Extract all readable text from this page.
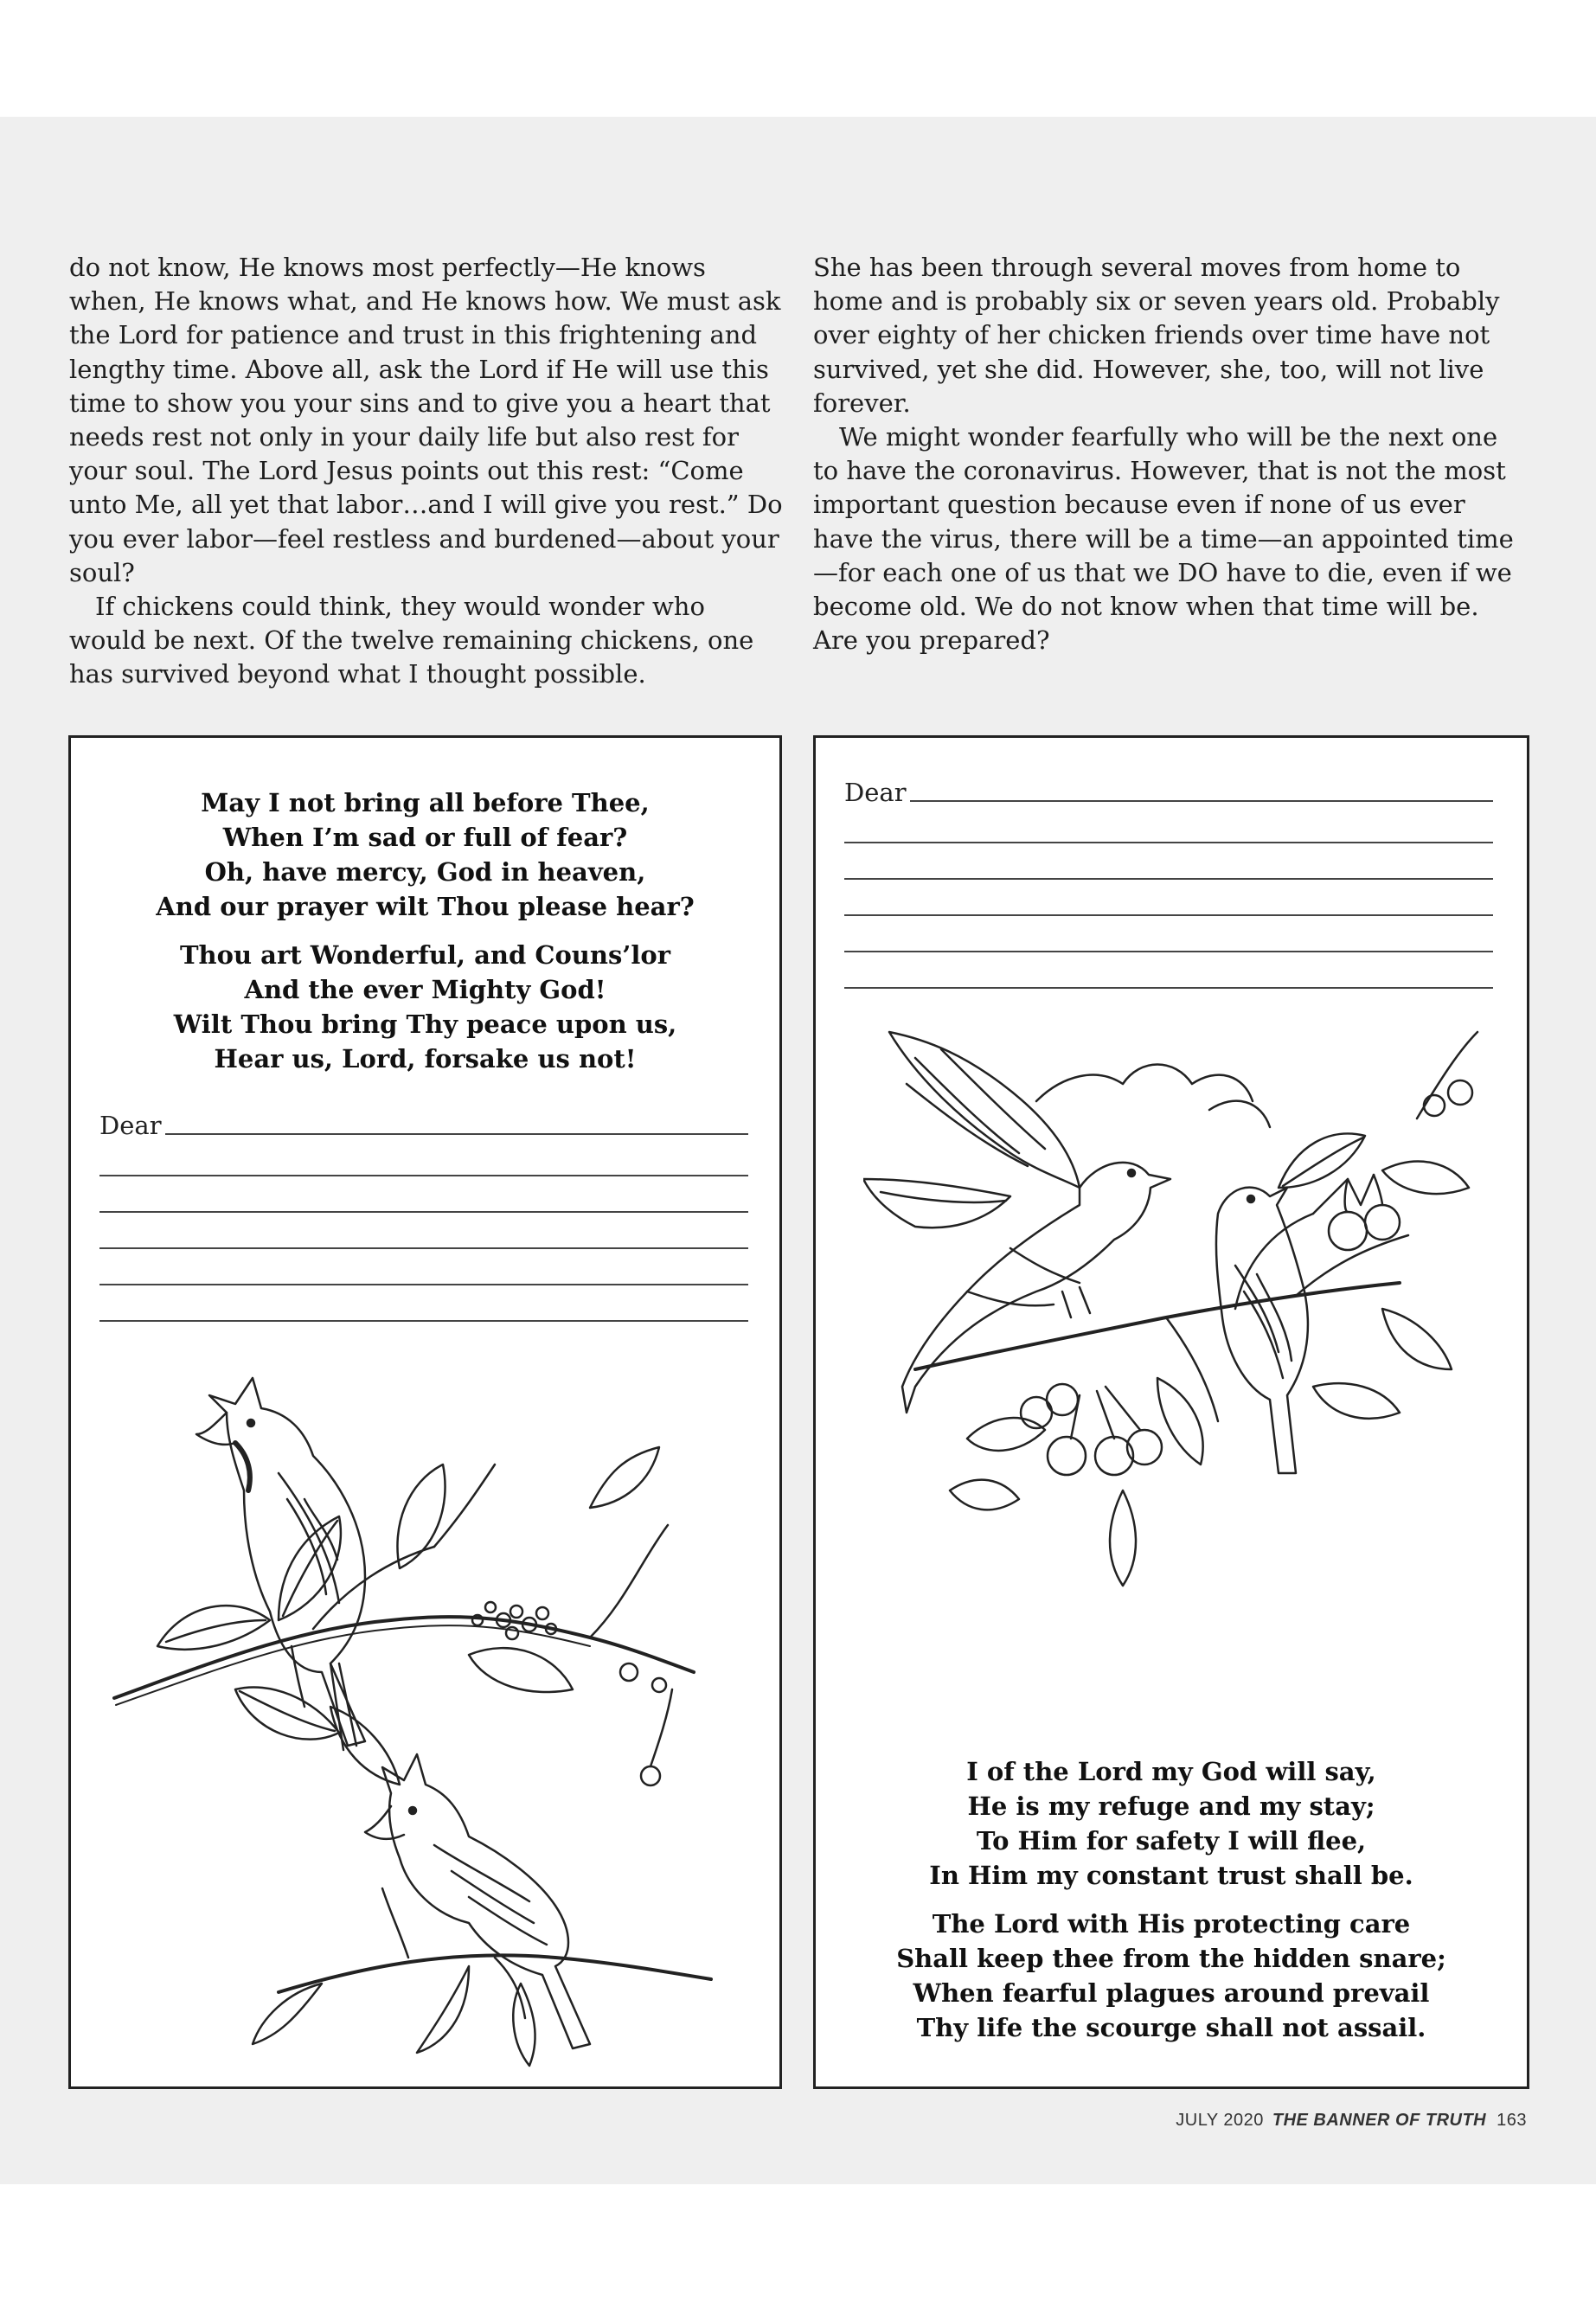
do not know, He knows most perfectly—He knows when, He knows what, and He knows how. We must ask the Lord for patience and trust in this frightening and lengthy time. Above all, ask the Lord if He will use this time to show you your sins and to give you a heart that needs rest not only in your daily life but also rest for your soul. The Lord Jesus points out this rest: “Come unto Me, all yet that labor…and I will give you rest.” Do you ever labor—feel restless and burdened—about your soul?

If chickens could think, they would wonder who would be next. Of the twelve remaining chickens, one has survived beyond what I thought possible.

She has been through several moves from home to home and is probably six or seven years old. Probably over eighty of her chicken friends over time have not survived, yet she did. However, she, too, will not live forever.

We might wonder fearfully who will be the next one to have the coronavirus. However, that is not the most important question because even if none of us ever have the virus, there will be a time—an appointed time—for each one of us that we DO have to die, even if we become old. We do not know when that time will be. Are you prepared?

May I not bring all before Thee,
When I’m sad or full of fear?
Oh, have mercy, God in heaven,
And our prayer wilt Thou please hear?
Thou art Wonderful, and Couns’lor
And the ever Mighty God!
Wilt Thou bring Thy peace upon us,
Hear us, Lord, forsake us not!
Dear
Dear
I of the Lord my God will say,
He is my refuge and my stay;
To Him for safety I will flee,
In Him my constant trust shall be.
The Lord with His protecting care
Shall keep thee from the hidden snare;
When fearful plagues around prevail
Thy life the scourge shall not assail.
JULY 2020 THE BANNER OF TRUTH 163
